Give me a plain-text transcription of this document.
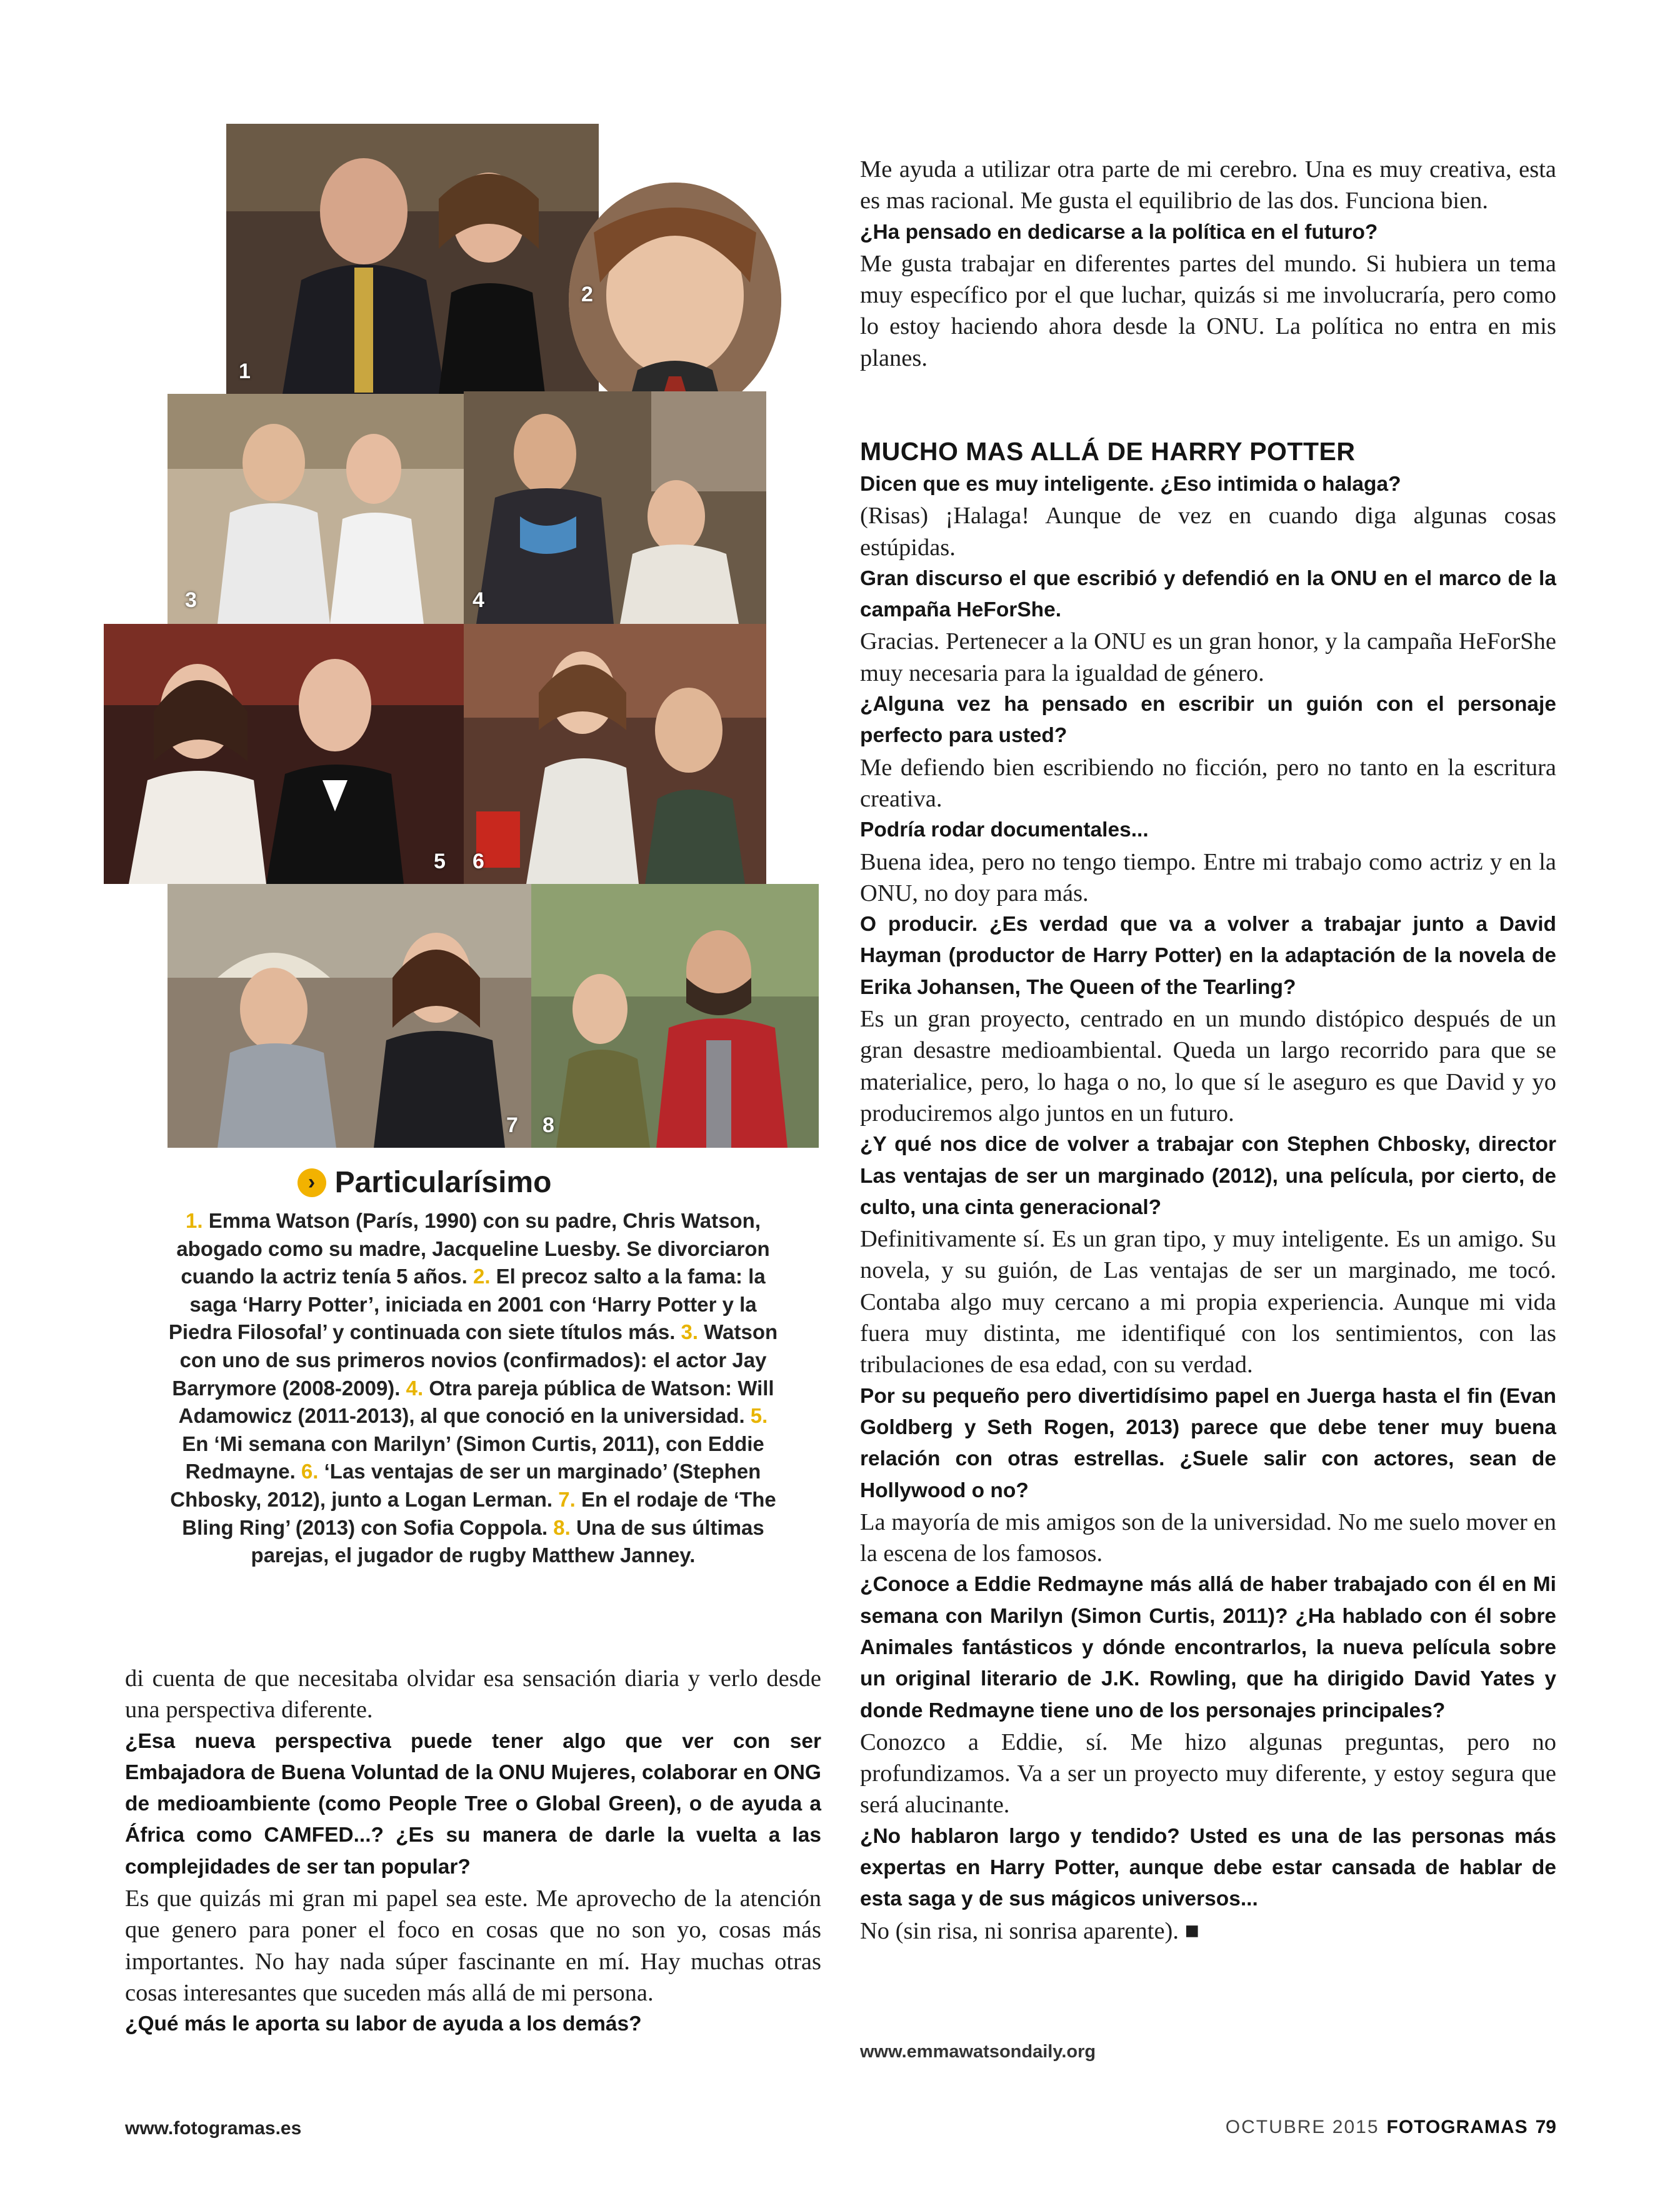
1
2
3	4
5 6
7 8
› Particularísimo
1. Emma Watson (París, 1990) con su padre, Chris Watson, abogado como su madre, Jacqueline Luesby. Se divorciaron cuando la actriz tenía 5 años. 2. El precoz salto a la fama: la saga ‘Harry Potter’, iniciada en 2001 con ‘Harry Potter y la Piedra Filosofal’ y continuada con siete títulos más. 3. Watson con uno de sus primeros novios (confirmados): el actor Jay Barrymore (2008-2009). 4. Otra pareja pública de Watson: Will Adamowicz (2011-2013), al que conoció en la universidad. 5. En ‘Mi semana con Marilyn’ (Simon Curtis, 2011), con Eddie Redmayne. 6. ‘Las ventajas de ser un marginado’ (Stephen Chbosky, 2012), junto a Logan Lerman. 7. En el rodaje de ‘The Bling Ring’ (2013) con Sofia Coppola. 8. Una de sus últimas parejas, el jugador de rugby Matthew Janney.

di cuenta de que necesitaba olvidar esa sensación diaria y verlo desde una perspectiva diferente.

¿Esa nueva perspectiva puede tener algo que ver con ser Embajadora de Buena Voluntad de la ONU Mujeres, colaborar en ONG de medioambiente (como People Tree o Global Green), o de ayuda a África como CAMFED...? ¿Es su manera de darle la vuelta a las complejidades de ser tan popular?

Es que quizás mi gran mi papel sea este. Me aprovecho de la atención que genero para poner el foco en cosas que no son yo, cosas más importantes. No hay nada súper fascinante en mí. Hay muchas otras cosas interesantes que suceden más allá de mi persona.

¿Qué más le aporta su labor de ayuda a los demás?

Me ayuda a utilizar otra parte de mi cerebro. Una es muy creativa, esta es mas racional. Me gusta el equilibrio de las dos. Funciona bien.

¿Ha pensado en dedicarse a la política en el futuro?

Me gusta trabajar en diferentes partes del mundo. Si hubiera un tema muy específico por el que luchar, quizás si me involucraría, pero como lo estoy haciendo ahora desde la ONU. La política no entra en mis planes.

MUCHO MAS ALLÁ DE HARRY POTTER

Dicen que es muy inteligente. ¿Eso intimida o halaga?

(Risas) ¡Halaga! Aunque de vez en cuando diga algunas cosas estúpidas.

Gran discurso el que escribió y defendió en la ONU en el marco de la campaña HeForShe.

Gracias. Pertenecer a la ONU es un gran honor, y la campaña HeForShe muy necesaria para la igualdad de género.

¿Alguna vez ha pensado en escribir un guión con el personaje perfecto para usted?

Me defiendo bien escribiendo no ficción, pero no tanto en la escritura creativa.

Podría rodar documentales...

Buena idea, pero no tengo tiempo. Entre mi trabajo como actriz y en la ONU, no doy para más.

O producir. ¿Es verdad que va a volver a trabajar junto a David Hayman (productor de Harry Potter) en la adaptación de la novela de Erika Johansen, The Queen of the Tearling?

Es un gran proyecto, centrado en un mundo distópico después de un gran desastre medioambiental. Queda un largo recorrido para que se materialice, pero, lo haga o no, lo que sí le aseguro es que David y yo produciremos algo juntos en un futuro.

¿Y qué nos dice de volver a trabajar con Stephen Chbosky, director Las ventajas de ser un marginado (2012), una película, por cierto, de culto, una cinta generacional?

Definitivamente sí. Es un gran tipo, y muy inteligente. Es un amigo. Su novela, y su guión, de Las ventajas de ser un marginado, me tocó. Contaba algo muy cercano a mi propia experiencia. Aunque mi vida fuera muy distinta, me identifiqué con los sentimientos, con las tribulaciones de esa edad, con su verdad.

Por su pequeño pero divertidísimo papel en Juerga hasta el fin (Evan Goldberg y Seth Rogen, 2013) parece que debe tener muy buena relación con otras estrellas. ¿Suele salir con actores, sean de Hollywood o no?

La mayoría de mis amigos son de la universidad. No me suelo mover en la escena de los famosos.

¿Conoce a Eddie Redmayne más allá de haber trabajado con él en Mi semana con Marilyn (Simon Curtis, 2011)? ¿Ha hablado con él sobre Animales fantásticos y dónde encontrarlos, la nueva película sobre un original literario de J.K. Rowling, que ha dirigido David Yates y donde Redmayne tiene uno de los personajes principales?

Conozco a Eddie, sí. Me hizo algunas preguntas, pero no profundizamos. Va a ser un proyecto muy diferente, y estoy segura que será alucinante.

¿No hablaron largo y tendido? Usted es una de las personas más expertas en Harry Potter, aunque debe estar cansada de hablar de esta saga y de sus mágicos universos...

No (sin risa, ni sonrisa aparente). ■

www.emmawatsondaily.org
www.fotogramas.es	OCTUBRE 2015 FOTOGRAMAS 79
